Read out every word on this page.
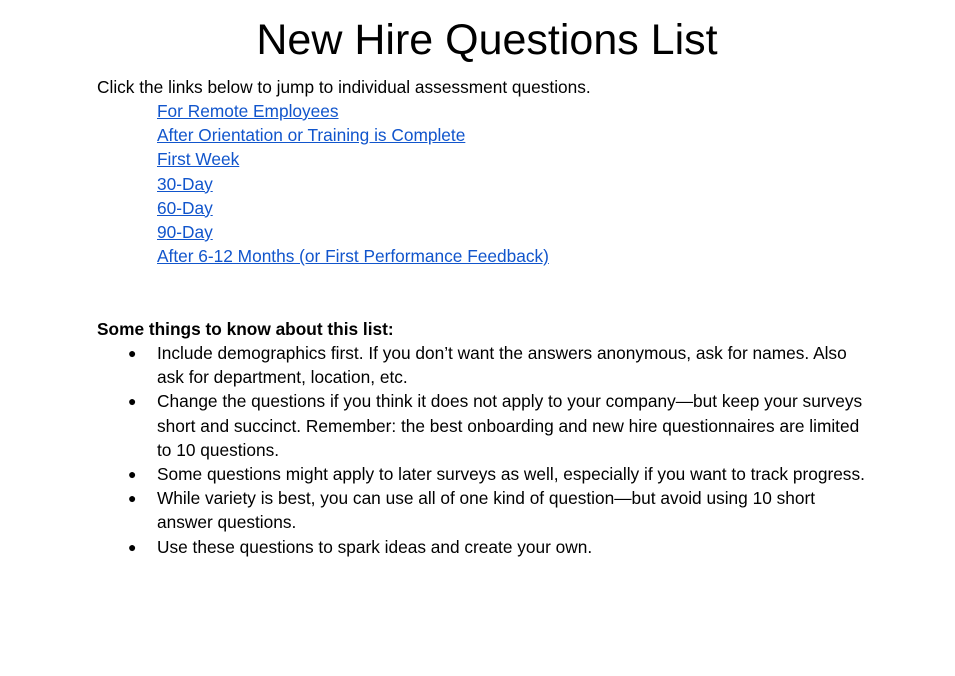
New Hire Questions List

Click the links below to jump to individual assessment questions.

For Remote Employees
After Orientation or Training is Complete
First Week
30-Day
60-Day
90-Day
After 6-12 Months (or First Performance Feedback)

Some things to know about this list:

● Include demographics first. If you don’t want the answers anonymous, ask for names. Also ask for department, location, etc.
● Change the questions if you think it does not apply to your company—but keep your surveys short and succinct. Remember: the best onboarding and new hire questionnaires are limited to 10 questions.
● Some questions might apply to later surveys as well, especially if you want to track progress.
● While variety is best, you can use all of one kind of question—but avoid using 10 short answer questions.
● Use these questions to spark ideas and create your own.
